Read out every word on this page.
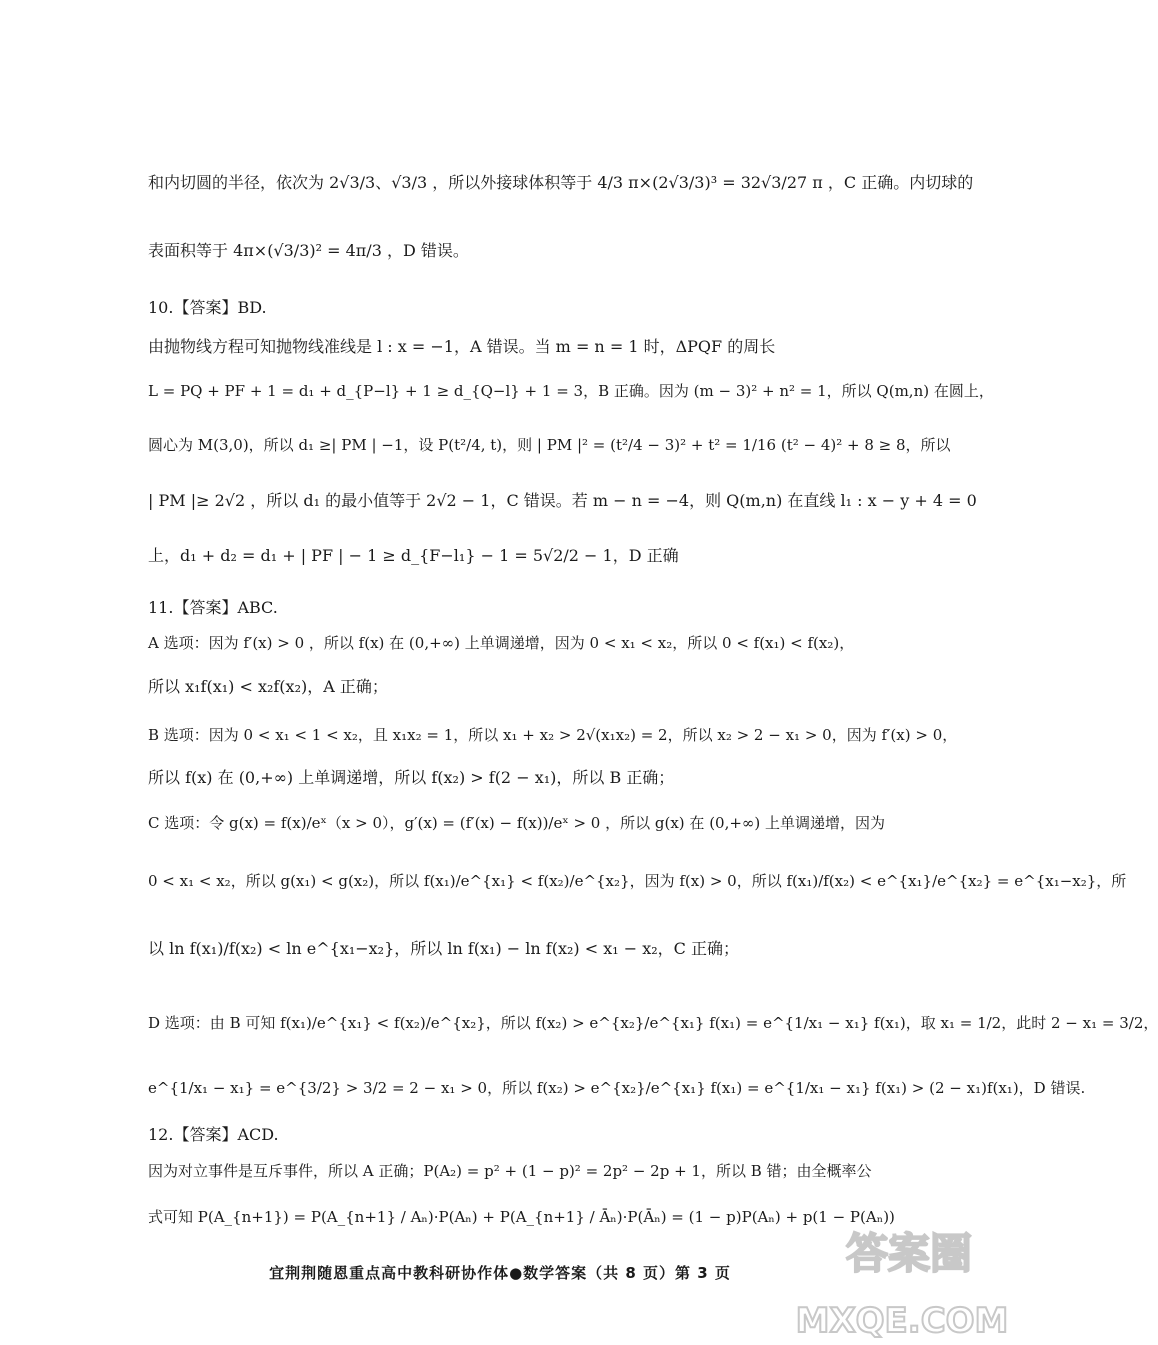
和内切圆的半径，依次为 2√3/3、√3/3 ，所以外接球体积等于 4/3 π×(2√3/3)³ = 32√3/27 π ，C 正确。内切球的
表面积等于 4π×(√3/3)² = 4π/3 ，D 错误。
10.【答案】BD.
由抛物线方程可知抛物线准线是 l : x = −1，A 错误。当 m = n = 1 时，ΔPQF 的周长
L = PQ + PF + 1 = d₁ + d_{P−l} + 1 ≥ d_{Q−l} + 1 = 3，B 正确。因为 (m − 3)² + n² = 1，所以 Q(m,n) 在圆上，
圆心为 M(3,0)，所以 d₁ ≥| PM | −1，设 P(t²/4, t)，则 | PM |² = (t²/4 − 3)² + t² = 1/16 (t² − 4)² + 8 ≥ 8，所以
| PM |≥ 2√2 ，所以 d₁ 的最小值等于 2√2 − 1，C 错误。若 m − n = −4，则 Q(m,n) 在直线 l₁ : x − y + 4 = 0
上，d₁ + d₂ = d₁ + | PF | − 1 ≥ d_{F−l₁} − 1 = 5√2/2 − 1，D 正确
11.【答案】ABC.
A 选项：因为 f′(x) > 0 ，所以 f(x) 在 (0,+∞) 上单调递增，因为 0 < x₁ < x₂，所以 0 < f(x₁) < f(x₂)，
所以 x₁f(x₁) < x₂f(x₂)，A 正确；
B 选项：因为 0 < x₁ < 1 < x₂，且 x₁x₂ = 1，所以 x₁ + x₂ > 2√(x₁x₂) = 2，所以 x₂ > 2 − x₁ > 0，因为 f′(x) > 0，
所以 f(x) 在 (0,+∞) 上单调递增，所以 f(x₂) > f(2 − x₁)，所以 B 正确；
C 选项：令 g(x) = f(x)/eˣ（x > 0），g′(x) = (f′(x) − f(x))/eˣ > 0 ，所以 g(x) 在 (0,+∞) 上单调递增，因为
0 < x₁ < x₂，所以 g(x₁) < g(x₂)，所以 f(x₁)/e^{x₁} < f(x₂)/e^{x₂}，因为 f(x) > 0，所以 f(x₁)/f(x₂) < e^{x₁}/e^{x₂} = e^{x₁−x₂}，所
以 ln f(x₁)/f(x₂) < ln e^{x₁−x₂}，所以 ln f(x₁) − ln f(x₂) < x₁ − x₂，C 正确；
D 选项：由 B 可知 f(x₁)/e^{x₁} < f(x₂)/e^{x₂}，所以 f(x₂) > e^{x₂}/e^{x₁} f(x₁) = e^{1/x₁ − x₁} f(x₁)，取 x₁ = 1/2，此时 2 − x₁ = 3/2，
e^{1/x₁ − x₁} = e^{3/2} > 3/2 = 2 − x₁ > 0，所以 f(x₂) > e^{x₂}/e^{x₁} f(x₁) = e^{1/x₁ − x₁} f(x₁) > (2 − x₁)f(x₁)，D 错误.
12.【答案】ACD.
因为对立事件是互斥事件，所以 A 正确；P(A₂) = p² + (1 − p)² = 2p² − 2p + 1，所以 B 错；由全概率公
式可知 P(A_{n+1}) = P(A_{n+1} / Aₙ)·P(Aₙ) + P(A_{n+1} / Āₙ)·P(Āₙ) = (1 − p)P(Aₙ) + p(1 − P(Aₙ))
宜荆荆随恩重点高中教科研协作体●数学答案（共 8 页）第 3 页	答案圈
MXQE.COM
